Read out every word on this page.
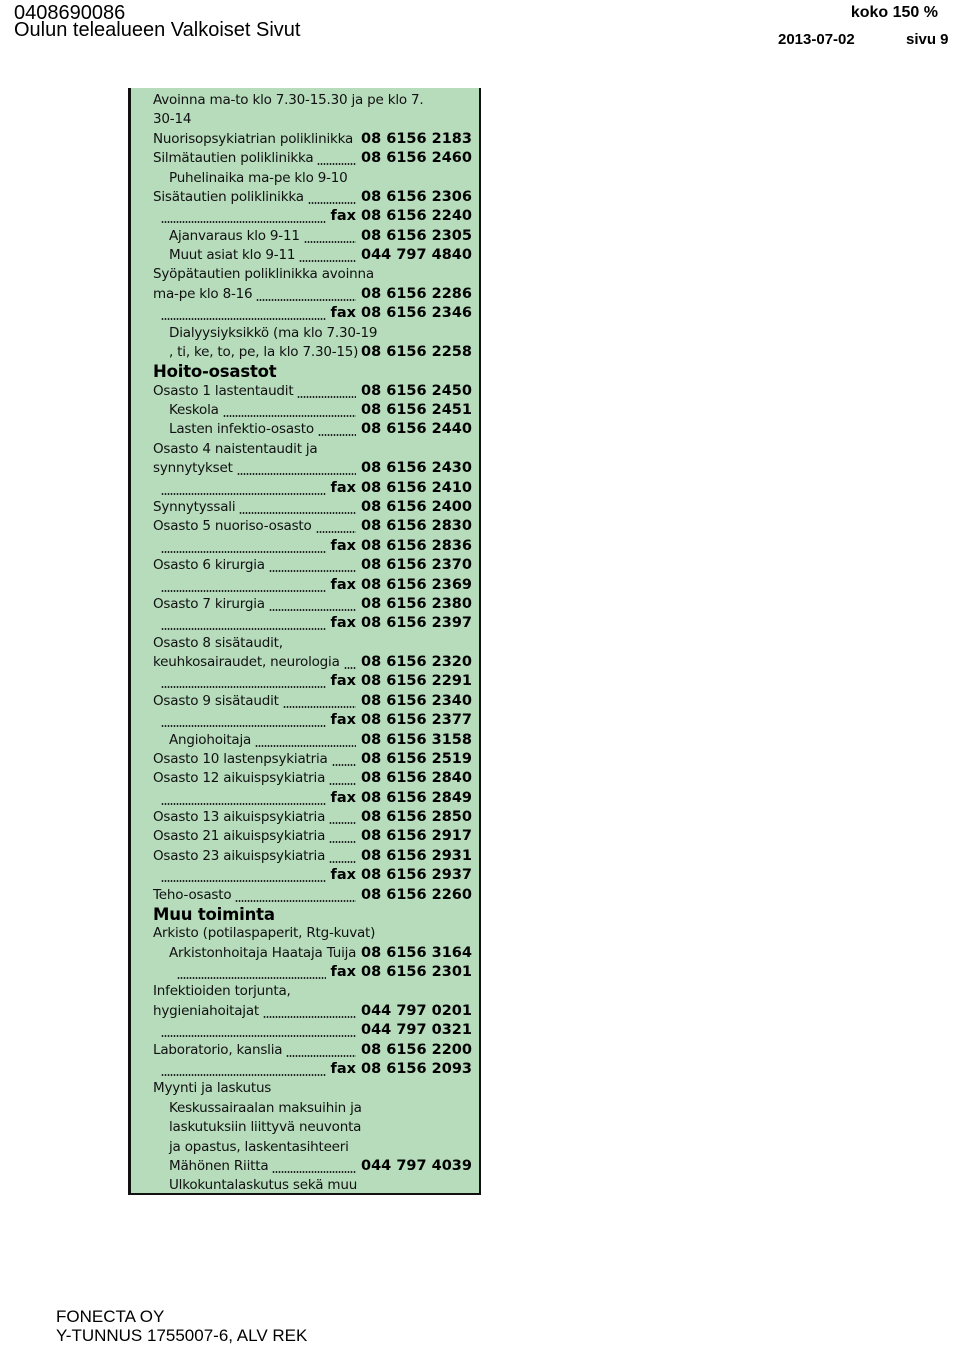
0408690086
Oulun telealueen Valkoiset Sivut
koko 150 %
2013-07-02	sivu 9
Avoinna ma-to klo 7.30-15.30 ja pe klo 7.
30-14
Nuorisopsykiatrian poliklinikka 08 6156 2183
Silmätautien poliklinikka	08 6156 2460
Puhelinaika ma-pe klo 9-10
Sisätautien poliklinikka	08 6156 2306
fax 08 6156 2240
Ajanvaraus klo 9-11	08 6156 2305
Muut asiat klo 9-11	044 797 4840
Syöpätautien poliklinikka avoinna
ma-pe klo 8-16	08 6156 2286
fax 08 6156 2346
Dialyysiyksikkö (ma klo 7.30-19
, ti, ke, to, pe, la klo 7.30-15) 08 6156 2258
Hoito-osastot
Osasto 1 lastentaudit	08 6156 2450
Keskola	08 6156 2451
Lasten infektio-osasto	08 6156 2440
Osasto 4 naistentaudit ja
synnytykset	08 6156 2430
fax 08 6156 2410
Synnytyssali	08 6156 2400
Osasto 5 nuoriso-osasto	08 6156 2830
fax 08 6156 2836
Osasto 6 kirurgia	08 6156 2370
fax 08 6156 2369
Osasto 7 kirurgia	08 6156 2380
fax 08 6156 2397
Osasto 8 sisätaudit,
keuhkosairaudet, neurologia 08 6156 2320
fax 08 6156 2291
Osasto 9 sisätaudit	08 6156 2340
fax 08 6156 2377
Angiohoitaja	08 6156 3158
Osasto 10 lastenpsykiatria 08 6156 2519
Osasto 12 aikuispsykiatria 08 6156 2840
fax 08 6156 2849
Osasto 13 aikuispsykiatria 08 6156 2850
Osasto 21 aikuispsykiatria 08 6156 2917
Osasto 23 aikuispsykiatria 08 6156 2931
fax 08 6156 2937
Teho-osasto	08 6156 2260
Muu toiminta
Arkisto (potilaspaperit, Rtg-kuvat)
Arkistonhoitaja Haataja Tuija 08 6156 3164
fax 08 6156 2301
Infektioiden torjunta,
hygieniahoitajat	044 797 0201
044 797 0321
Laboratorio, kanslia	08 6156 2200
fax 08 6156 2093
Myynti ja laskutus
Keskussairaalan maksuihin ja
laskutuksiin liittyvä neuvonta
ja opastus, laskentasihteeri
Mähönen Riitta	044 797 4039
Ulkokuntalaskutus sekä muu
FONECTA OY
Y-TUNNUS 1755007-6, ALV REK
